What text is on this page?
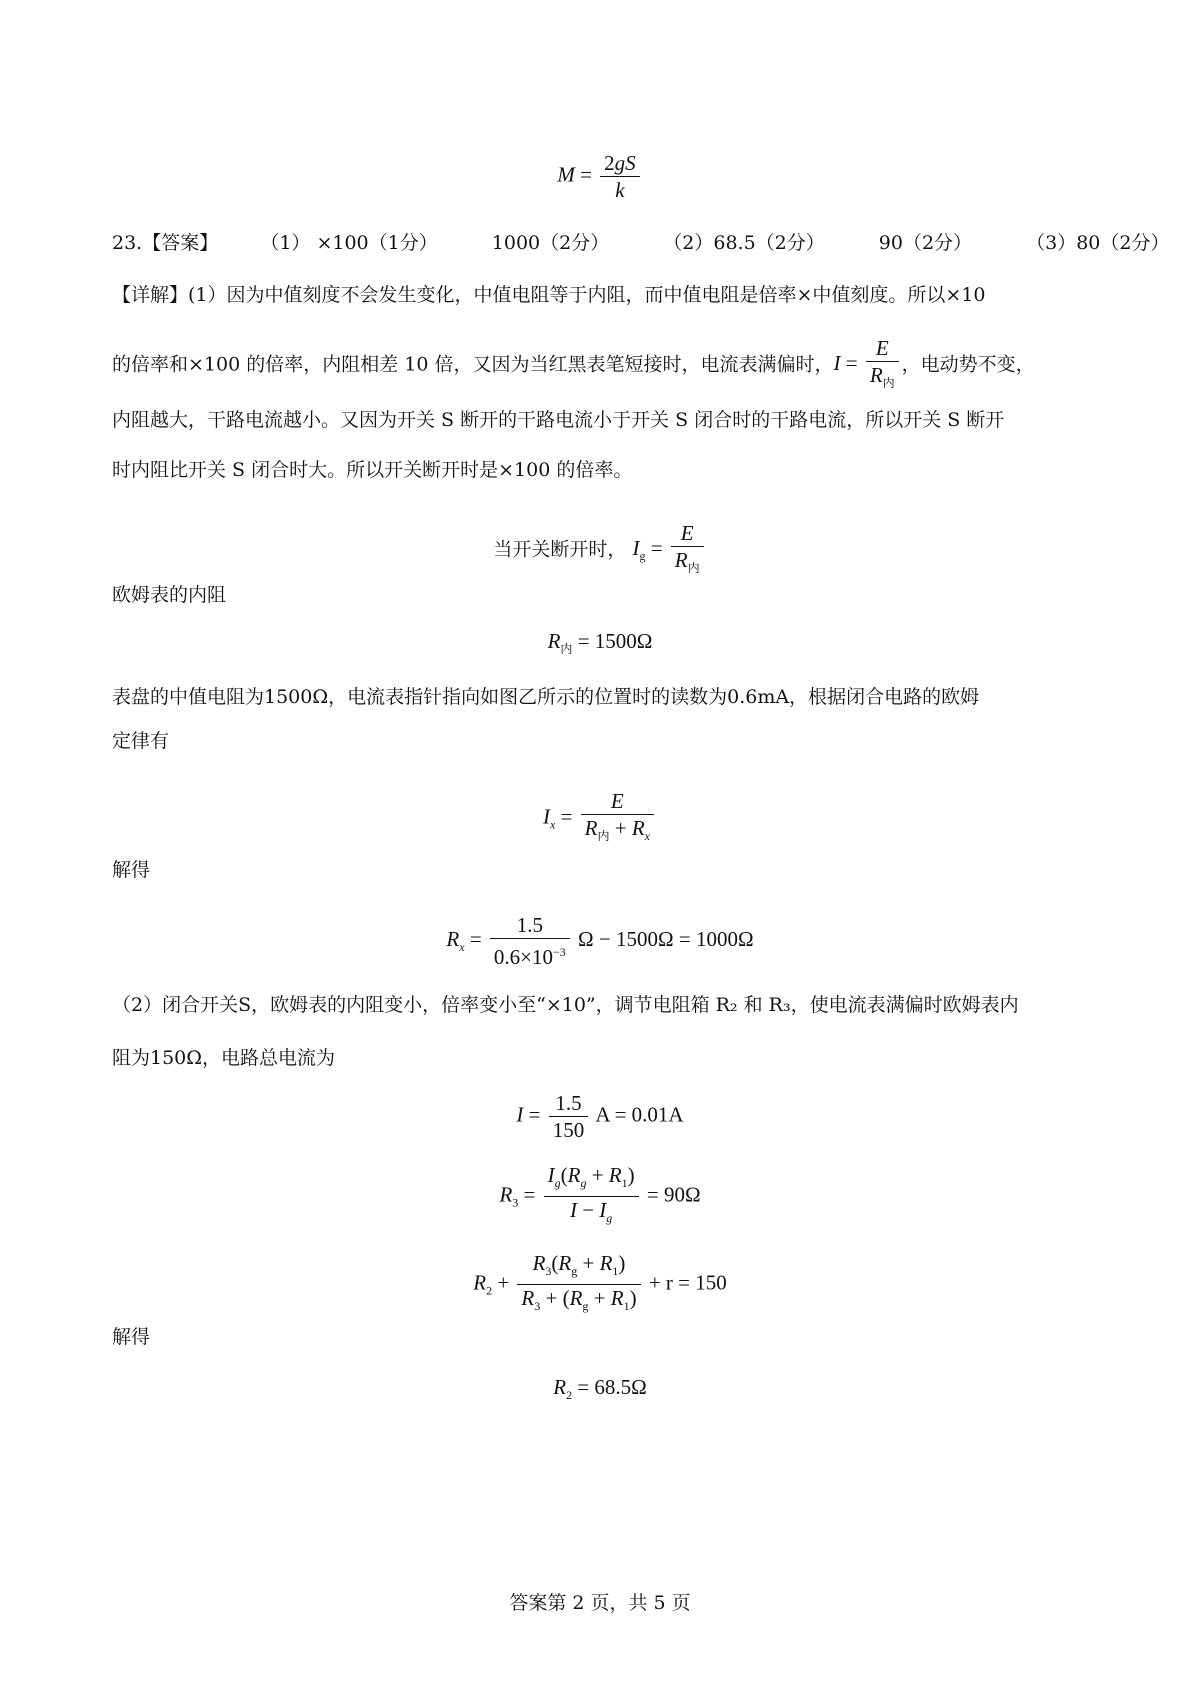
$M = \frac{2gS}{k}$
23.【答案】 （1） ×100（1分）	1000（2分）	（2）68.5（2分）	90（2分）	（3）80（2分）
【详解】(1）因为中值刻度不会发生变化，中值电阻等于内阻，而中值电阻是倍率×中值刻度。所以×10
的倍率和×100 的倍率，内阻相差 10 倍，又因为当红黑表笔短接时，电流表满偏时，$I = \frac{E}{R_内}$ ，电动势不变，
内阻越大，干路电流越小。又因为开关 S 断开的干路电流小于开关 S 闭合时的干路电流，所以开关 S 断开
时内阻比开关 S 闭合时大。所以开关断开时是×100 的倍率。
当开关断开时， $I_g = \frac{E}{R_内}$
欧姆表的内阻
$R_内 = 1500\Omega$
表盘的中值电阻为1500Ω，电流表指针指向如图乙所示的位置时的读数为0.6mA，根据闭合电路的欧姆
定律有
$I_x = \frac{E}{R_内 + R_x}$
解得
$R_x = \frac{1.5}{0.6\times 10^{-3}}$ Ω − 1500Ω = 1000Ω
（2）闭合开关S，欧姆表的内阻变小，倍率变小至“×10”，调节电阻箱 R₂ 和 R₃，使电流表满偏时欧姆表内
阻为150Ω，电路总电流为
$I = \frac{1.5}{150}$ A = 0.01A
$R_3 = \frac{I_g(R_g + R_1)}{I - I_g} = 90\Omega$
$R_2 + \frac{R_3(R_g + R_1)}{R_3 + (R_g + R_1)} + r = 150$
解得
$R_2 = 68.5\Omega$
答案第 2 页，共 5 页
